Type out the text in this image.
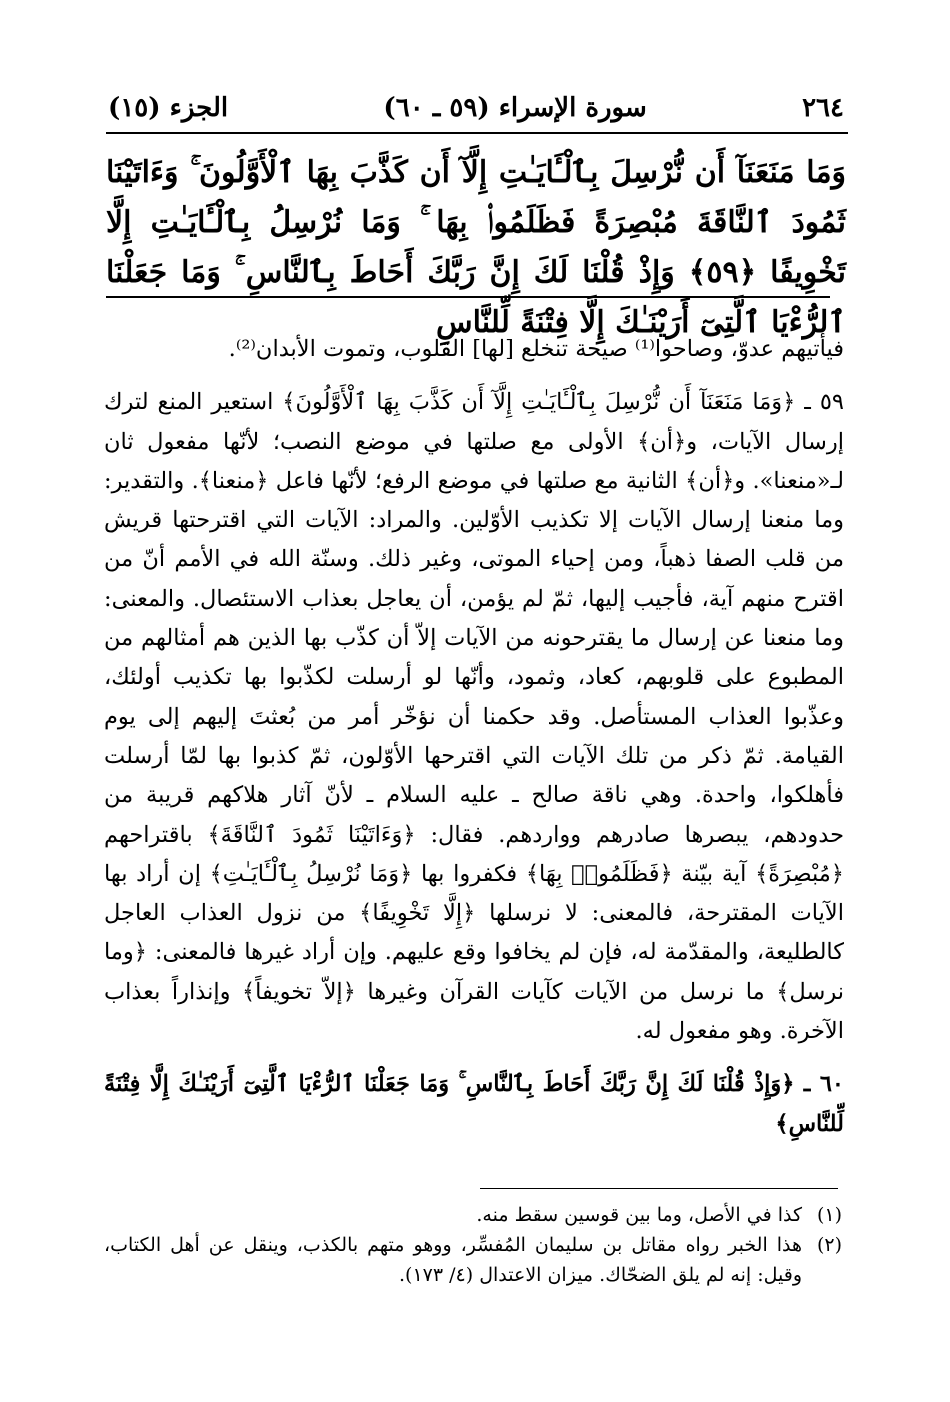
٢٦٤
سورة الإسراء (٥٩ ـ ٦٠)
الجزء (١٥)
وَمَا مَنَعَنَآ أَن نُّرْسِلَ بِٱلْـَٔايَـٰتِ إِلَّآ أَن كَذَّبَ بِهَا ٱلْأَوَّلُونَ ۚ وَءَاتَيْنَا ثَمُودَ ٱلنَّاقَةَ مُبْصِرَةً فَظَلَمُوا۟ بِهَا ۚ وَمَا نُرْسِلُ بِٱلْـَٔايَـٰتِ إِلَّا تَخْوِيفًا ﴿٥٩﴾ وَإِذْ قُلْنَا لَكَ إِنَّ رَبَّكَ أَحَاطَ بِٱلنَّاسِ ۚ وَمَا جَعَلْنَا ٱلرُّءْيَا ٱلَّتِىٓ أَرَيْنَـٰكَ إِلَّا فِتْنَةً لِّلنَّاسِ

فيأتيهم عدوّ، وصاحوا⁽¹⁾ صيحة تنخلع [لها] القلوب، وتموت الأبدان⁽²⁾.

٥٩ ـ ﴿وَمَا مَنَعَنَآ أَن نُّرْسِلَ بِٱلْـَٔايَـٰتِ إِلَّآ أَن كَذَّبَ بِهَا ٱلْأَوَّلُونَ﴾ استعير المنع لترك إرسال الآيات، و﴿أن﴾ الأولى مع صلتها في موضع النصب؛ لأنّها مفعول ثان لـ«منعنا». و﴿أن﴾ الثانية مع صلتها في موضع الرفع؛ لأنّها فاعل ﴿منعنا﴾. والتقدير: وما منعنا إرسال الآيات إلا تكذيب الأوّلين. والمراد: الآيات التي اقترحتها قريش من قلب الصفا ذهباً، ومن إحياء الموتى، وغير ذلك. وسنّة الله في الأمم أنّ من اقترح منهم آية، فأجيب إليها، ثمّ لم يؤمن، أن يعاجل بعذاب الاستئصال. والمعنى: وما منعنا عن إرسال ما يقترحونه من الآيات إلاّ أن كذّب بها الذين هم أمثالهم من المطبوع على قلوبهم، كعاد، وثمود، وأنّها لو أرسلت لكذّبوا بها تكذيب أولئك، وعذّبوا العذاب المستأصل. وقد حكمنا أن نؤخّر أمر من بُعثتَ إليهم إلى يوم القيامة. ثمّ ذكر من تلك الآيات التي اقترحها الأوّلون، ثمّ كذبوا بها لمّا أرسلت فأهلكوا، واحدة. وهي ناقة صالح ـ عليه السلام ـ لأنّ آثار هلاكهم قريبة من حدودهم، يبصرها صادرهم وواردهم. فقال: ﴿وَءَاتَيْنَا ثَمُودَ ٱلنَّاقَةَ﴾ باقتراحهم ﴿مُبْصِرَةً﴾ آية بيّنة ﴿فَظَلَمُوا۟ بِهَا﴾ فكفروا بها ﴿وَمَا نُرْسِلُ بِٱلْـَٔايَـٰتِ﴾ إن أراد بها الآيات المقترحة، فالمعنى: لا نرسلها ﴿إِلَّا تَخْوِيفًا﴾ من نزول العذاب العاجل كالطليعة، والمقدّمة له، فإن لم يخافوا وقع عليهم. وإن أراد غيرها فالمعنى: ﴿وما نرسل﴾ ما نرسل من الآيات كآيات القرآن وغيرها ﴿إلاّ تخويفاً﴾ وإنذاراً بعذاب الآخرة. وهو مفعول له.

٦٠ ـ ﴿وَإِذْ قُلْنَا لَكَ إِنَّ رَبَّكَ أَحَاطَ بِٱلنَّاسِ ۚ وَمَا جَعَلْنَا ٱلرُّءْيَا ٱلَّتِىٓ أَرَيْنَـٰكَ إِلَّا فِتْنَةً لِّلنَّاسِ﴾

(١)
كذا في الأصل، وما بين قوسين سقط منه.
(٢)
هذا الخبر رواه مقاتل بن سليمان المُفسِّر، ووهو متهم بالكذب، وينقل عن أهل الكتاب، وقيل: إنه لم يلق الضحّاك. ميزان الاعتدال (٤/ ١٧٣).
